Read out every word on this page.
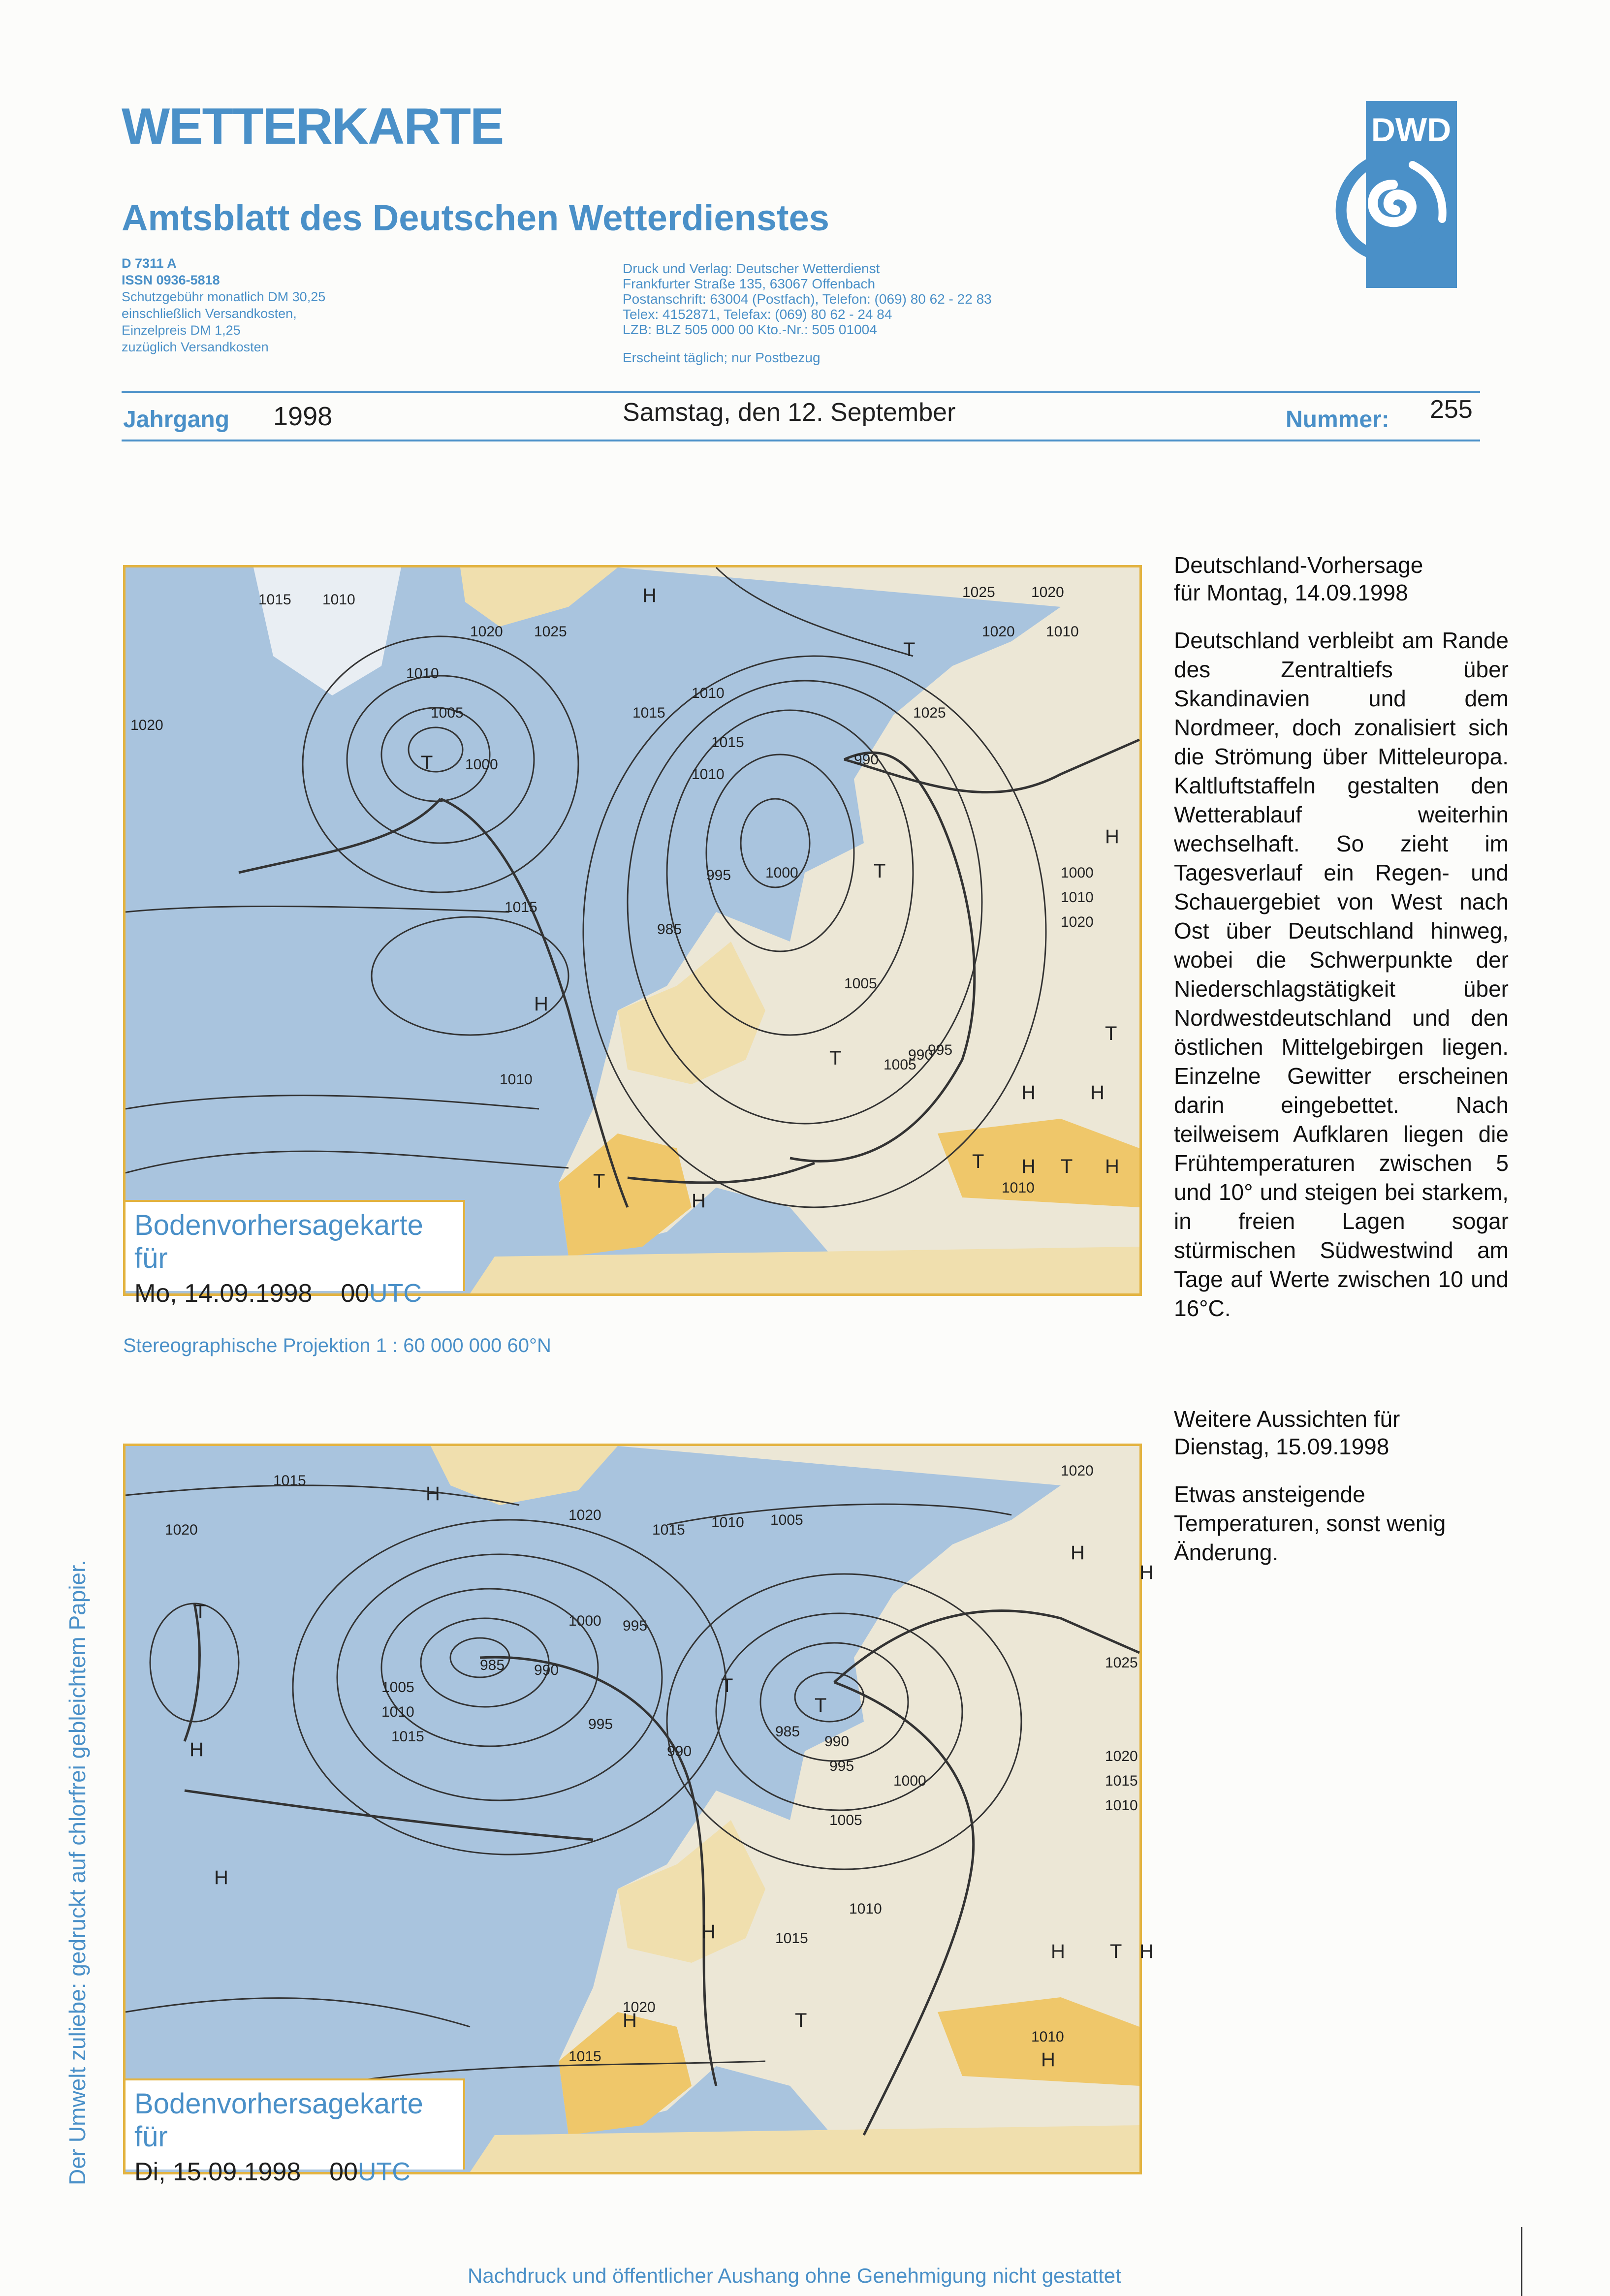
WETTERKARTE
Amtsblatt des Deutschen Wetterdienstes
D 7311 A
ISSN 0936-5818
Schutzgebühr monatlich DM 30,25
einschließlich Versandkosten,
Einzelpreis DM 1,25
zuzüglich Versandkosten
Druck und Verlag: Deutscher Wetterdienst
Frankfurter Straße 135, 63067 Offenbach
Postanschrift: 63004 (Postfach), Telefon: (069) 80 62 - 22 83
Telex: 4152871, Telefax: (069) 80 62 - 24 84
LZB: BLZ 505 000 00 Kto.-Nr.: 505 01004
Erscheint täglich; nur Postbezug
DWD
Jahrgang 1998	Samstag, den 12. September	Nummer: 255
1015 1010
1020 1025
1010
1005
1000
1020
1025 1020
1010
1015	1025
1020 1010
1015
1010
995 1000
990
985
1005
1005
990
995
1000
1010
1020
1015
1010
1010
H
T
H
H
T
T
T
T
H
T H
H
H
H
T
T
Bodenvorhersagekarte für
Mo, 14.09.1998 00UTC
Stereographische Projektion 1 : 60 000 000 60°N
1015
1020
1020
1015 1010 1005
1020
1000 995
985 990
1005
1010
1015
995
990
985
990
995
1000
1025
1020
1015
1010
1005
1010
1015
1020
1015
1010
H
T
H
H
T
T
H
H
H T
H
H
T
H
H
Bodenvorhersagekarte für
Di, 15.09.1998 00UTC
Deutschland-Vorhersage
für Montag, 14.09.1998
Deutschland verbleibt am Rande des Zentraltiefs über Skandinavien und dem Nordmeer, doch zonalisiert sich die Strömung über Mitteleuropa. Kaltluftstaffeln gestalten den Wetterablauf weiterhin wechselhaft. So zieht im Tagesverlauf ein Regen- und Schauergebiet von West nach Ost über Deutschland hinweg, wobei die Schwerpunkte der Niederschlagstätigkeit über Nordwestdeutschland und den östlichen Mittelgebirgen liegen. Einzelne Gewitter erscheinen darin eingebettet. Nach teilweisem Aufklaren liegen die Frühtemperaturen zwischen 5 und 10° und steigen bei starkem, in freien Lagen sogar stürmischen Südwestwind am Tage auf Werte zwischen 10 und 16°C.
Weitere Aussichten für
Dienstag, 15.09.1998
Etwas ansteigende Temperaturen, sonst wenig Änderung.
Der Umwelt zuliebe: gedruckt auf chlorfrei gebleichtem Papier.
Nachdruck und öffentlicher Aushang ohne Genehmigung nicht gestattet
